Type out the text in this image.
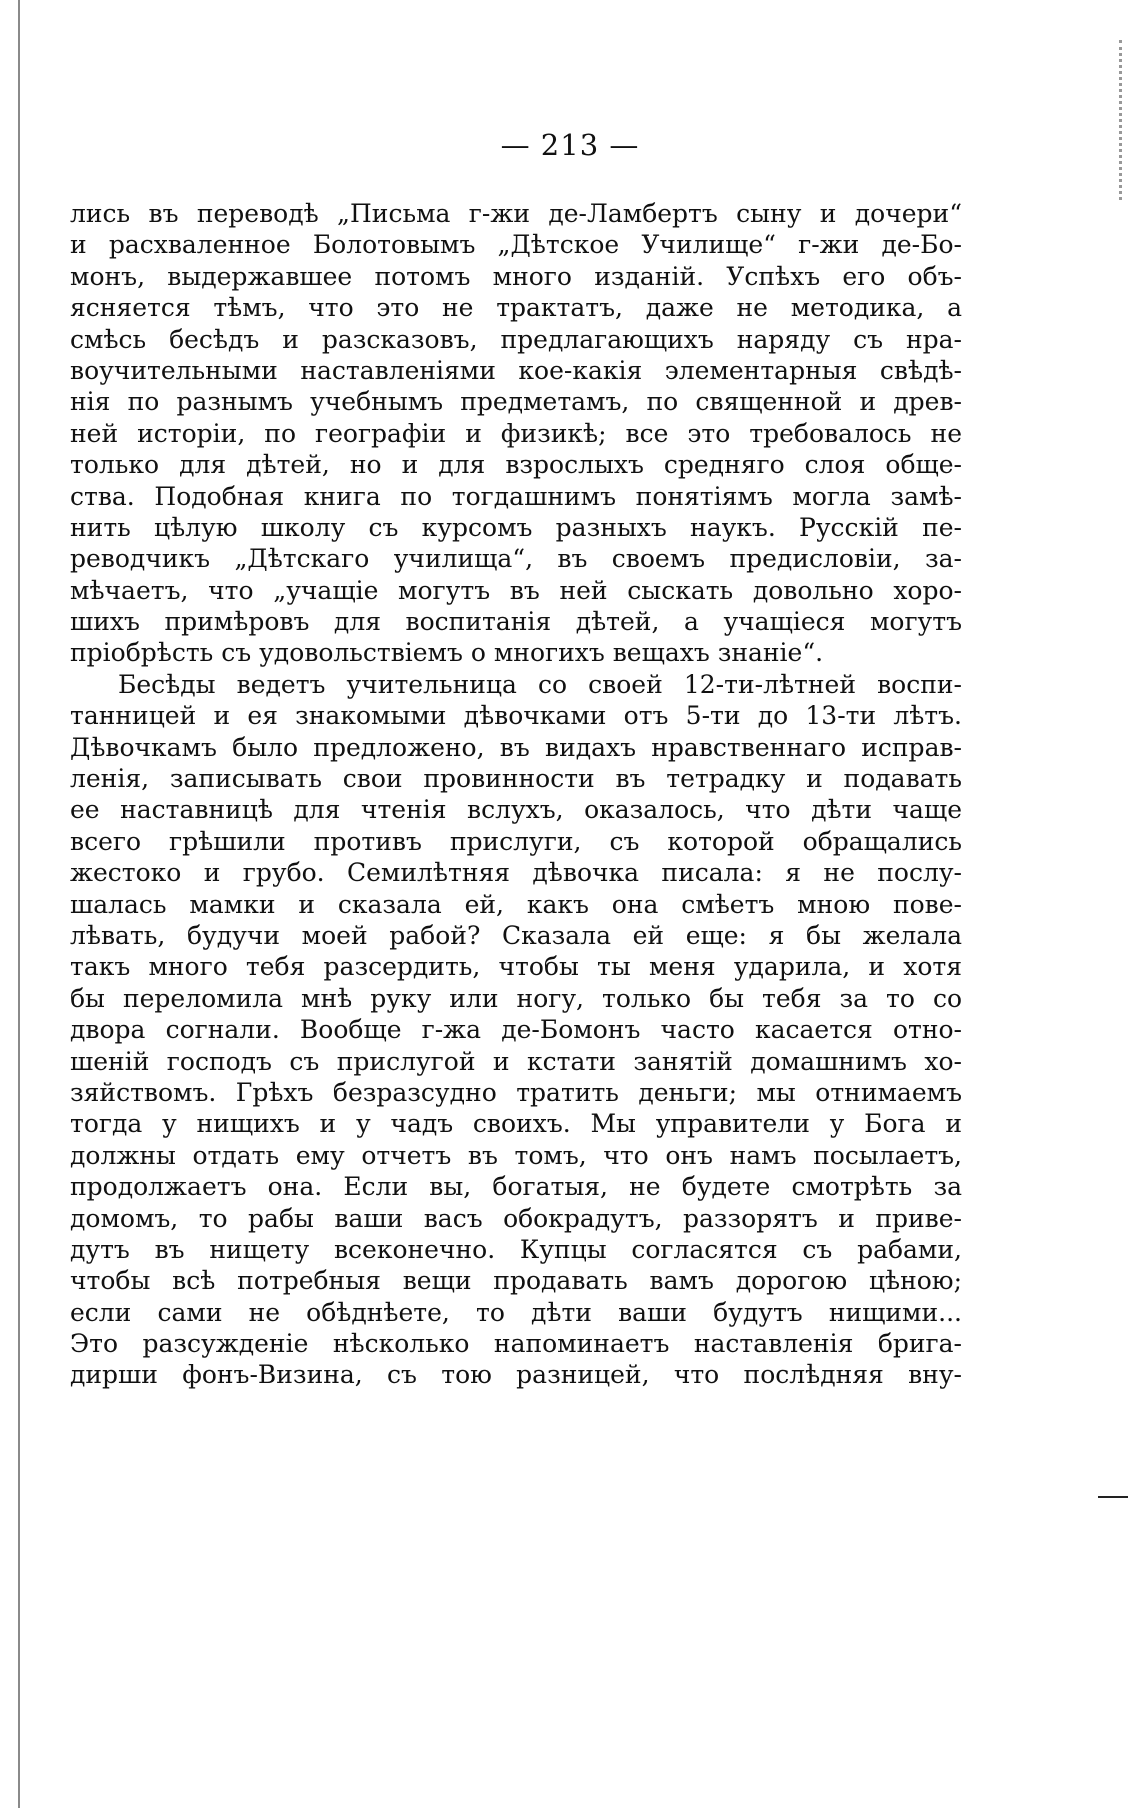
— 213 —
лись въ переводѣ „Письма г-жи де-Ламбертъ сыну и дочери“
и расхваленное Болотовымъ „Дѣтское Училище“ г-жи де-Бо-
монъ, выдержавшее потомъ много изданій. Успѣхъ его объ-
ясняется тѣмъ, что это не трактатъ, даже не методика, а
смѣсь бесѣдъ и разсказовъ, предлагающихъ наряду съ нра-
воучительными наставленіями кое-какія элементарныя свѣдѣ-
нія по разнымъ учебнымъ предметамъ, по священной и древ-
ней исторіи, по географіи и физикѣ; все это требовалось не
только для дѣтей, но и для взрослыхъ средняго слоя обще-
ства. Подобная книга по тогдашнимъ понятіямъ могла замѣ-
нить цѣлую школу съ курсомъ разныхъ наукъ. Русскій пе-
реводчикъ „Дѣтскаго училища“, въ своемъ предисловіи, за-
мѣчаетъ, что „учащіе могутъ въ ней сыскать довольно хоро-
шихъ примѣровъ для воспитанія дѣтей, а учащіеся могутъ
пріобрѣсть съ удовольствіемъ о многихъ вещахъ знаніе“.
Бесѣды ведетъ учительница со своей 12-ти-лѣтней воспи-
танницей и ея знакомыми дѣвочками отъ 5-ти до 13-ти лѣтъ.
Дѣвочкамъ было предложено, въ видахъ нравственнаго исправ-
ленія, записывать свои провинности въ тетрадку и подавать
ее наставницѣ для чтенія вслухъ, оказалось, что дѣти чаще
всего грѣшили противъ прислуги, съ которой обращались
жестоко и грубо. Семилѣтняя дѣвочка писала: я не послу-
шалась мамки и сказала ей, какъ она смѣетъ мною пове-
лѣвать, будучи моей рабой? Сказала ей еще: я бы желала
такъ много тебя разсердить, чтобы ты меня ударила, и хотя
бы переломила мнѣ руку или ногу, только бы тебя за то со
двора согнали. Вообще г-жа де-Бомонъ часто касается отно-
шеній господъ съ прислугой и кстати занятій домашнимъ хо-
зяйствомъ. Грѣхъ безразсудно тратить деньги; мы отнимаемъ
тогда у нищихъ и у чадъ своихъ. Мы управители у Бога и
должны отдать ему отчетъ въ томъ, что онъ намъ посылаетъ,
продолжаетъ она. Если вы, богатыя, не будете смотрѣть за
домомъ, то рабы ваши васъ обокрадутъ, раззорятъ и приве-
дутъ въ нищету всеконечно. Купцы согласятся съ рабами,
чтобы всѣ потребныя вещи продавать вамъ дорогою цѣною;
если сами не обѣднѣете, то дѣти ваши будутъ нищими...
Это разсужденіе нѣсколько напоминаетъ наставленія брига-
дирши фонъ-Визина, съ тою разницей, что послѣдняя вну-
